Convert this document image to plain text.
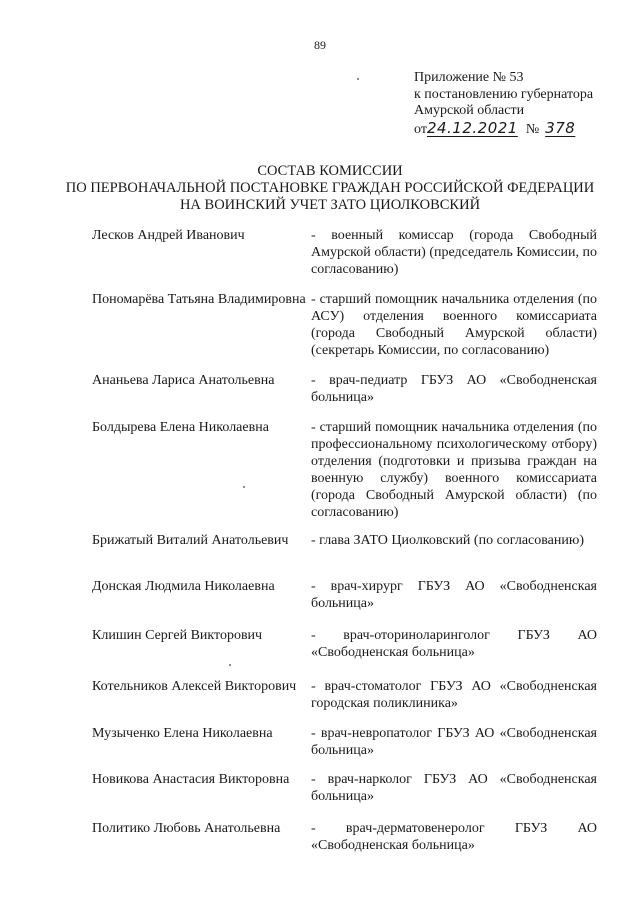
89
Приложение № 53
к постановлению губернатора
Амурской области
от24.12.2021 № 378
СОСТАВ КОМИССИИ
ПО ПЕРВОНАЧАЛЬНОЙ ПОСТАНОВКЕ ГРАЖДАН РОССИЙСКОЙ ФЕДЕРАЦИИ
НА ВОИНСКИЙ УЧЕТ ЗАТО ЦИОЛКОВСКИЙ
Лесков Андрей Иванович	- военный комиссар (города Свободный Амурской области) (председатель Комиссии, по согласованию)
Пономарёва Татьяна Владимировна - старший помощник начальника отделения (по АСУ) отделения военного комиссариата (города Свободный Амурской области) (секретарь Комиссии, по согласованию)
Ананьева Лариса Анатольевна	- врач-педиатр ГБУЗ АО «Свободненская больница»
Болдырева Елена Николаевна	- старший помощник начальника отделения (по профессиональному психологическому отбору) отделения (подготовки и призыва граждан на военную службу) военного комиссариата (города Свободный Амурской области) (по согласованию)
Брижатый Виталий Анатольевич	- глава ЗАТО Циолковский (по согласованию)
Донская Людмила Николаевна	- врач-хирург ГБУЗ АО «Свободненская больница»
Клишин Сергей Викторович	- врач-оториноларинголог ГБУЗ АО «Свободненская больница»
Котельников Алексей Викторович	- врач-стоматолог ГБУЗ АО «Свободненская городская поликлиника»
Музыченко Елена Николаевна	- врач-невропатолог ГБУЗ АО «Свободненская больница»
Новикова Анастасия Викторовна	- врач-нарколог ГБУЗ АО «Свободненская больница»
Политико Любовь Анатольевна	- врач-дерматовенеролог ГБУЗ АО «Свободненская больница»
